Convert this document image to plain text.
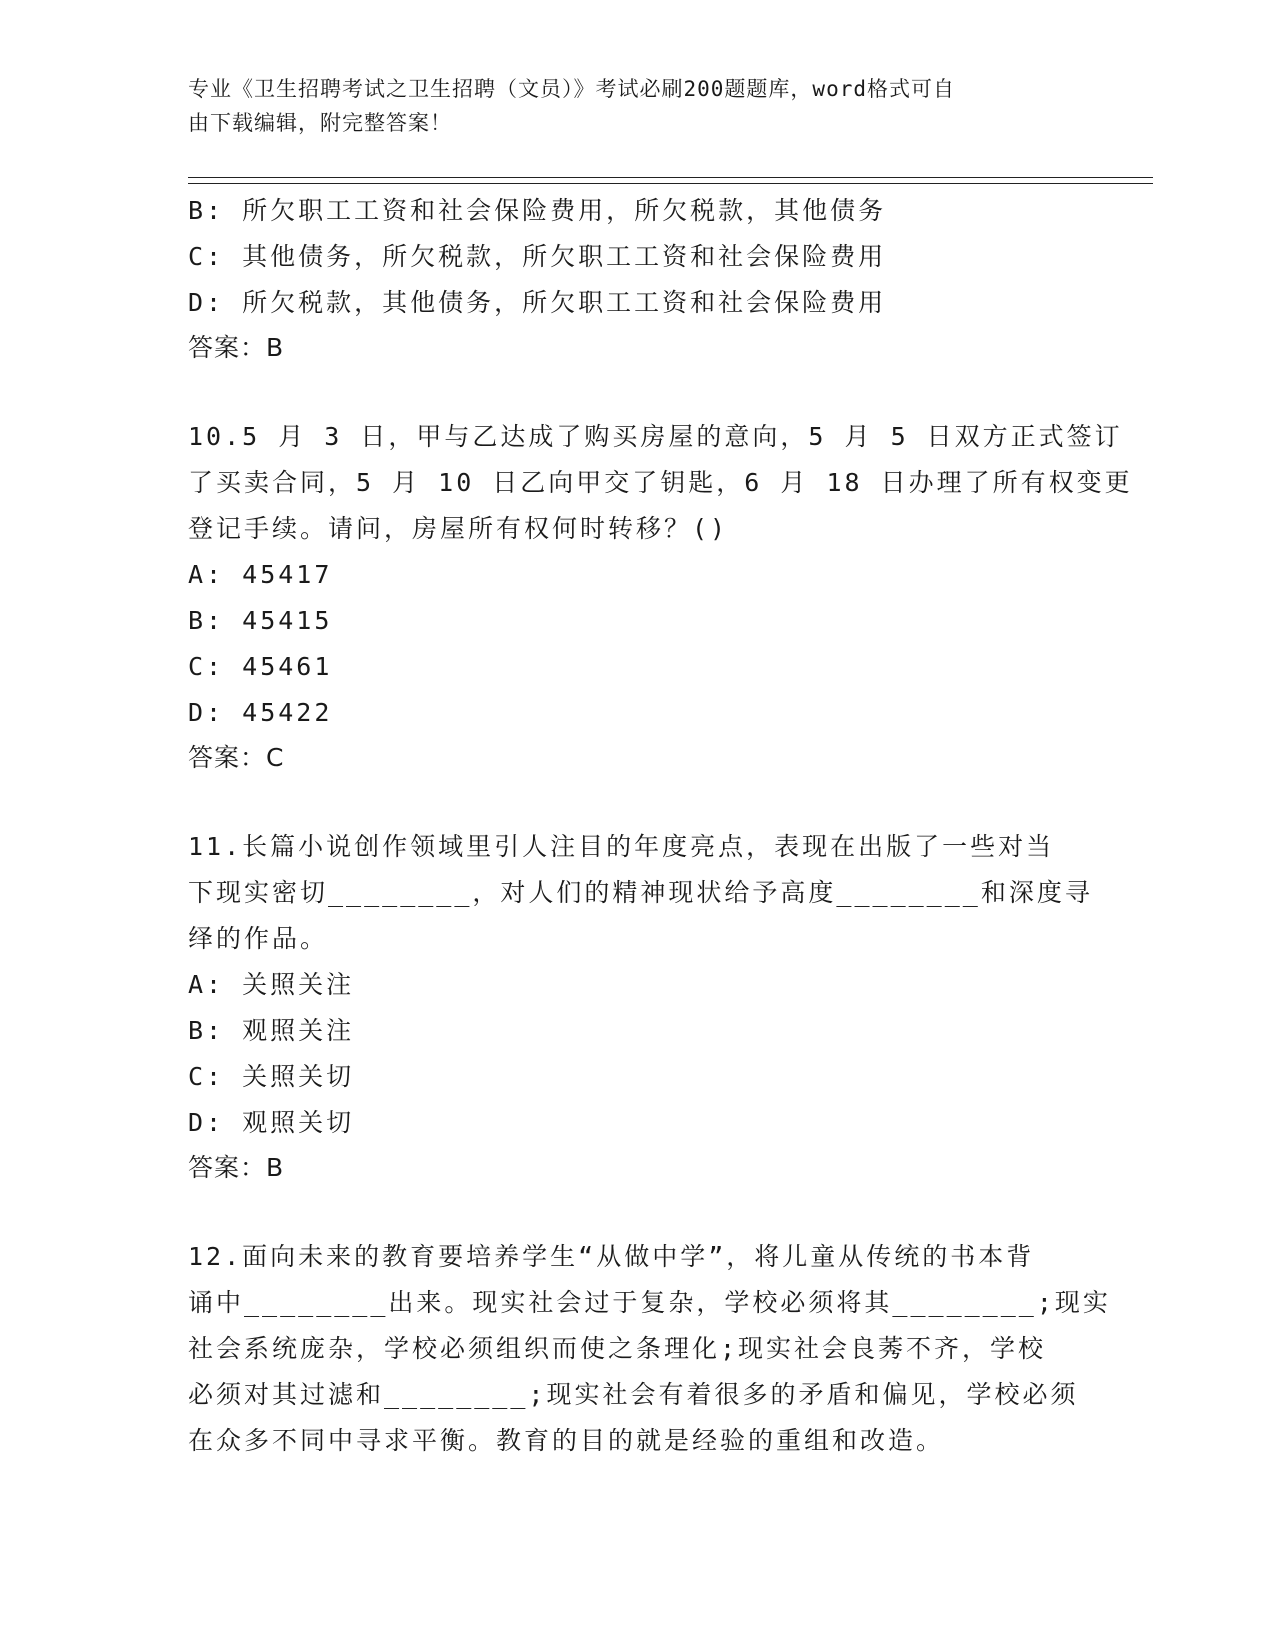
专业《卫生招聘考试之卫生招聘（文员）》考试必刷200题题库，word格式可自
由下载编辑，附完整答案！
B: 所欠职工工资和社会保险费用，所欠税款，其他债务
C: 其他债务，所欠税款，所欠职工工资和社会保险费用
D: 所欠税款，其他债务，所欠职工工资和社会保险费用
答案：B
10.5 月 3 日，甲与乙达成了购买房屋的意向，5 月 5 日双方正式签订
了买卖合同，5 月 10 日乙向甲交了钥匙，6 月 18 日办理了所有权变更
登记手续。请问，房屋所有权何时转移？()
A: 45417
B: 45415
C: 45461
D: 45422
答案：C
11.长篇小说创作领域里引人注目的年度亮点，表现在出版了一些对当
下现实密切________，对人们的精神现状给予高度________和深度寻
绎的作品。
A: 关照关注
B: 观照关注
C: 关照关切
D: 观照关切
答案：B
12.面向未来的教育要培养学生“从做中学”，将儿童从传统的书本背
诵中________出来。现实社会过于复杂，学校必须将其________;现实
社会系统庞杂，学校必须组织而使之条理化;现实社会良莠不齐，学校
必须对其过滤和________;现实社会有着很多的矛盾和偏见，学校必须
在众多不同中寻求平衡。教育的目的就是经验的重组和改造。
